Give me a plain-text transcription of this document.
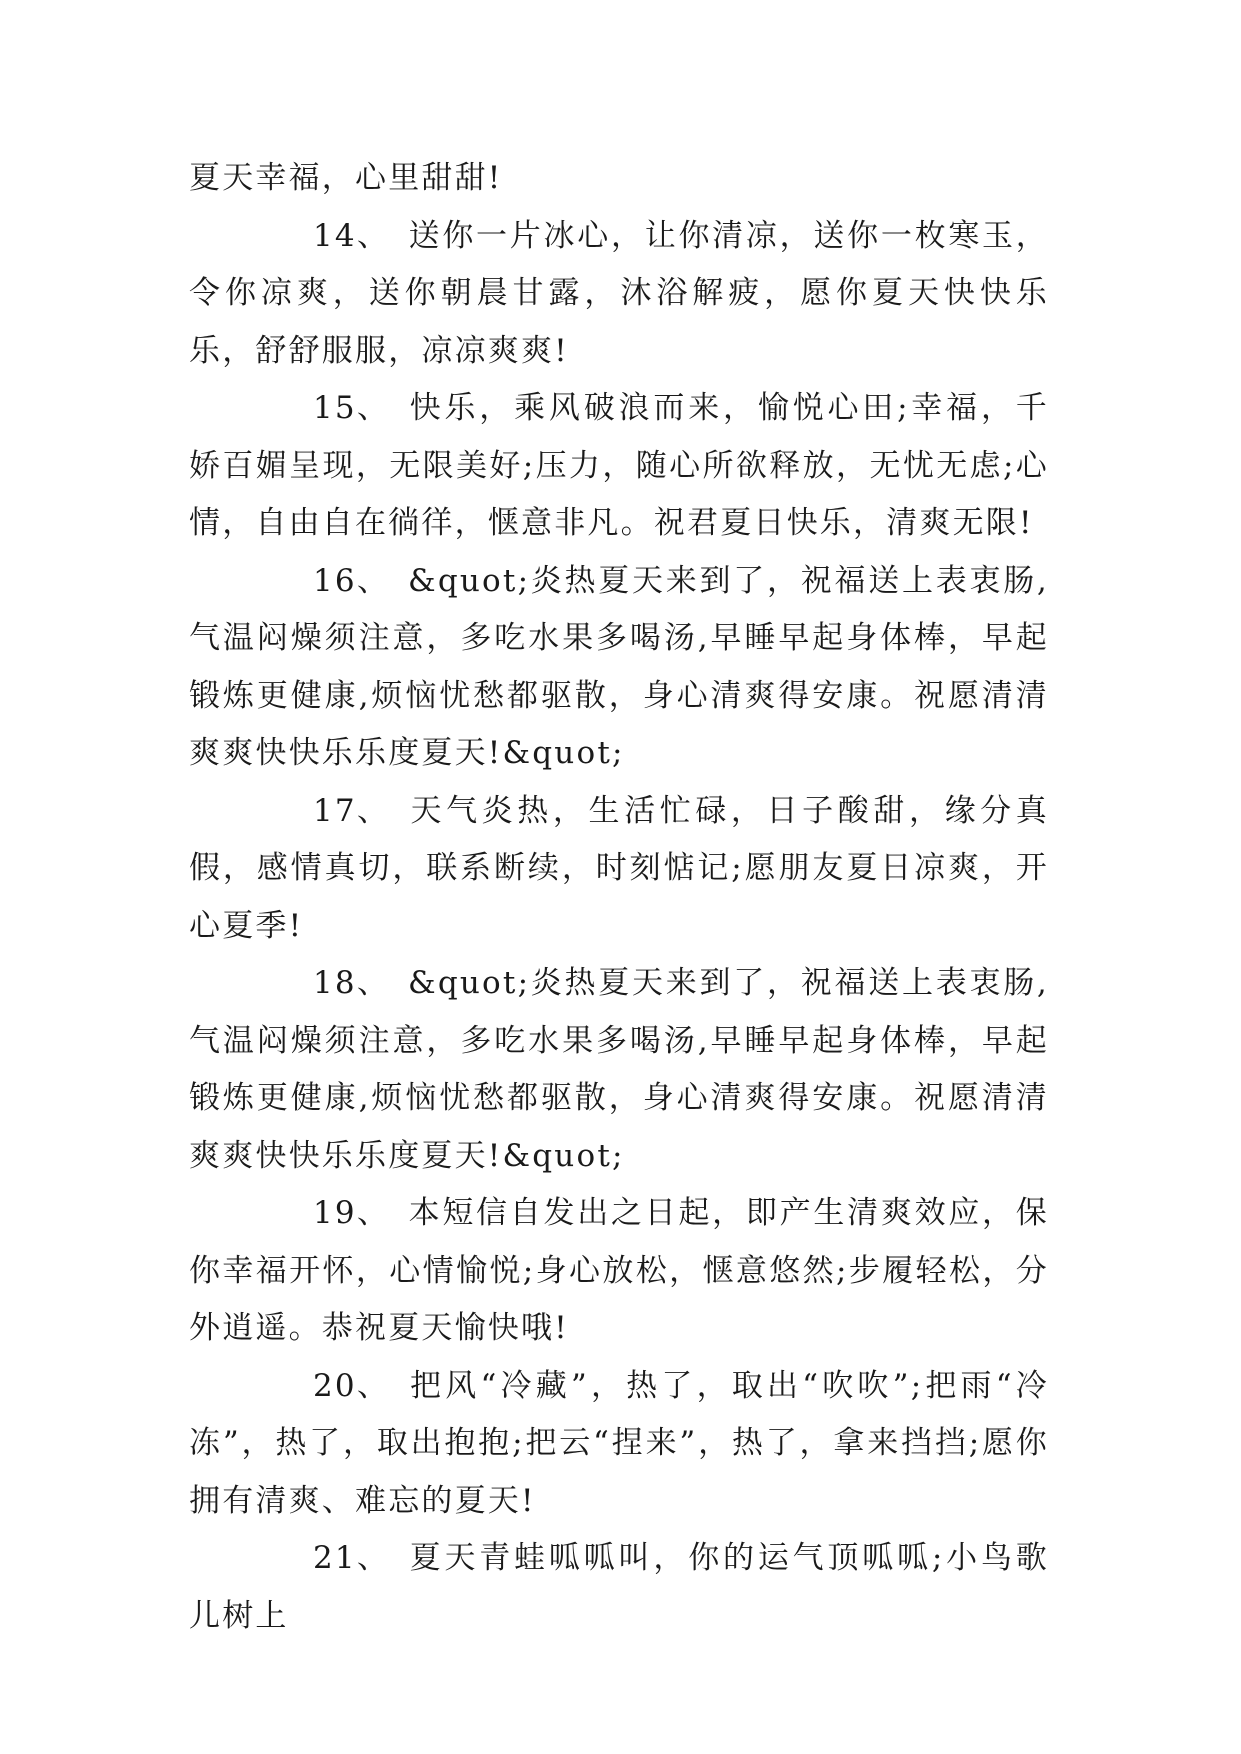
夏天幸福，心里甜甜!

14、 送你一片冰心，让你清凉，送你一枚寒玉，令你凉爽，送你朝晨甘露，沐浴解疲，愿你夏天快快乐乐，舒舒服服，凉凉爽爽!

15、 快乐，乘风破浪而来，愉悦心田;幸福，千娇百媚呈现，无限美好;压力，随心所欲释放，无忧无虑;心情，自由自在徜徉，惬意非凡。祝君夏日快乐，清爽无限!

16、 &quot;炎热夏天来到了，祝福送上表衷肠,气温闷燥须注意，多吃水果多喝汤,早睡早起身体棒，早起锻炼更健康,烦恼忧愁都驱散，身心清爽得安康。祝愿清清爽爽快快乐乐度夏天!&quot;

17、 天气炎热，生活忙碌，日子酸甜，缘分真假，感情真切，联系断续，时刻惦记;愿朋友夏日凉爽，开心夏季!

18、 &quot;炎热夏天来到了，祝福送上表衷肠,气温闷燥须注意，多吃水果多喝汤,早睡早起身体棒，早起锻炼更健康,烦恼忧愁都驱散，身心清爽得安康。祝愿清清爽爽快快乐乐度夏天!&quot;

19、 本短信自发出之日起，即产生清爽效应，保你幸福开怀，心情愉悦;身心放松，惬意悠然;步履轻松，分外逍遥。恭祝夏天愉快哦!

20、 把风“冷藏”，热了，取出“吹吹”;把雨“冷冻”，热了，取出抱抱;把云“捏来”，热了，拿来挡挡;愿你拥有清爽、难忘的夏天!

21、 夏天青蛙呱呱叫，你的运气顶呱呱;小鸟歌儿树上
